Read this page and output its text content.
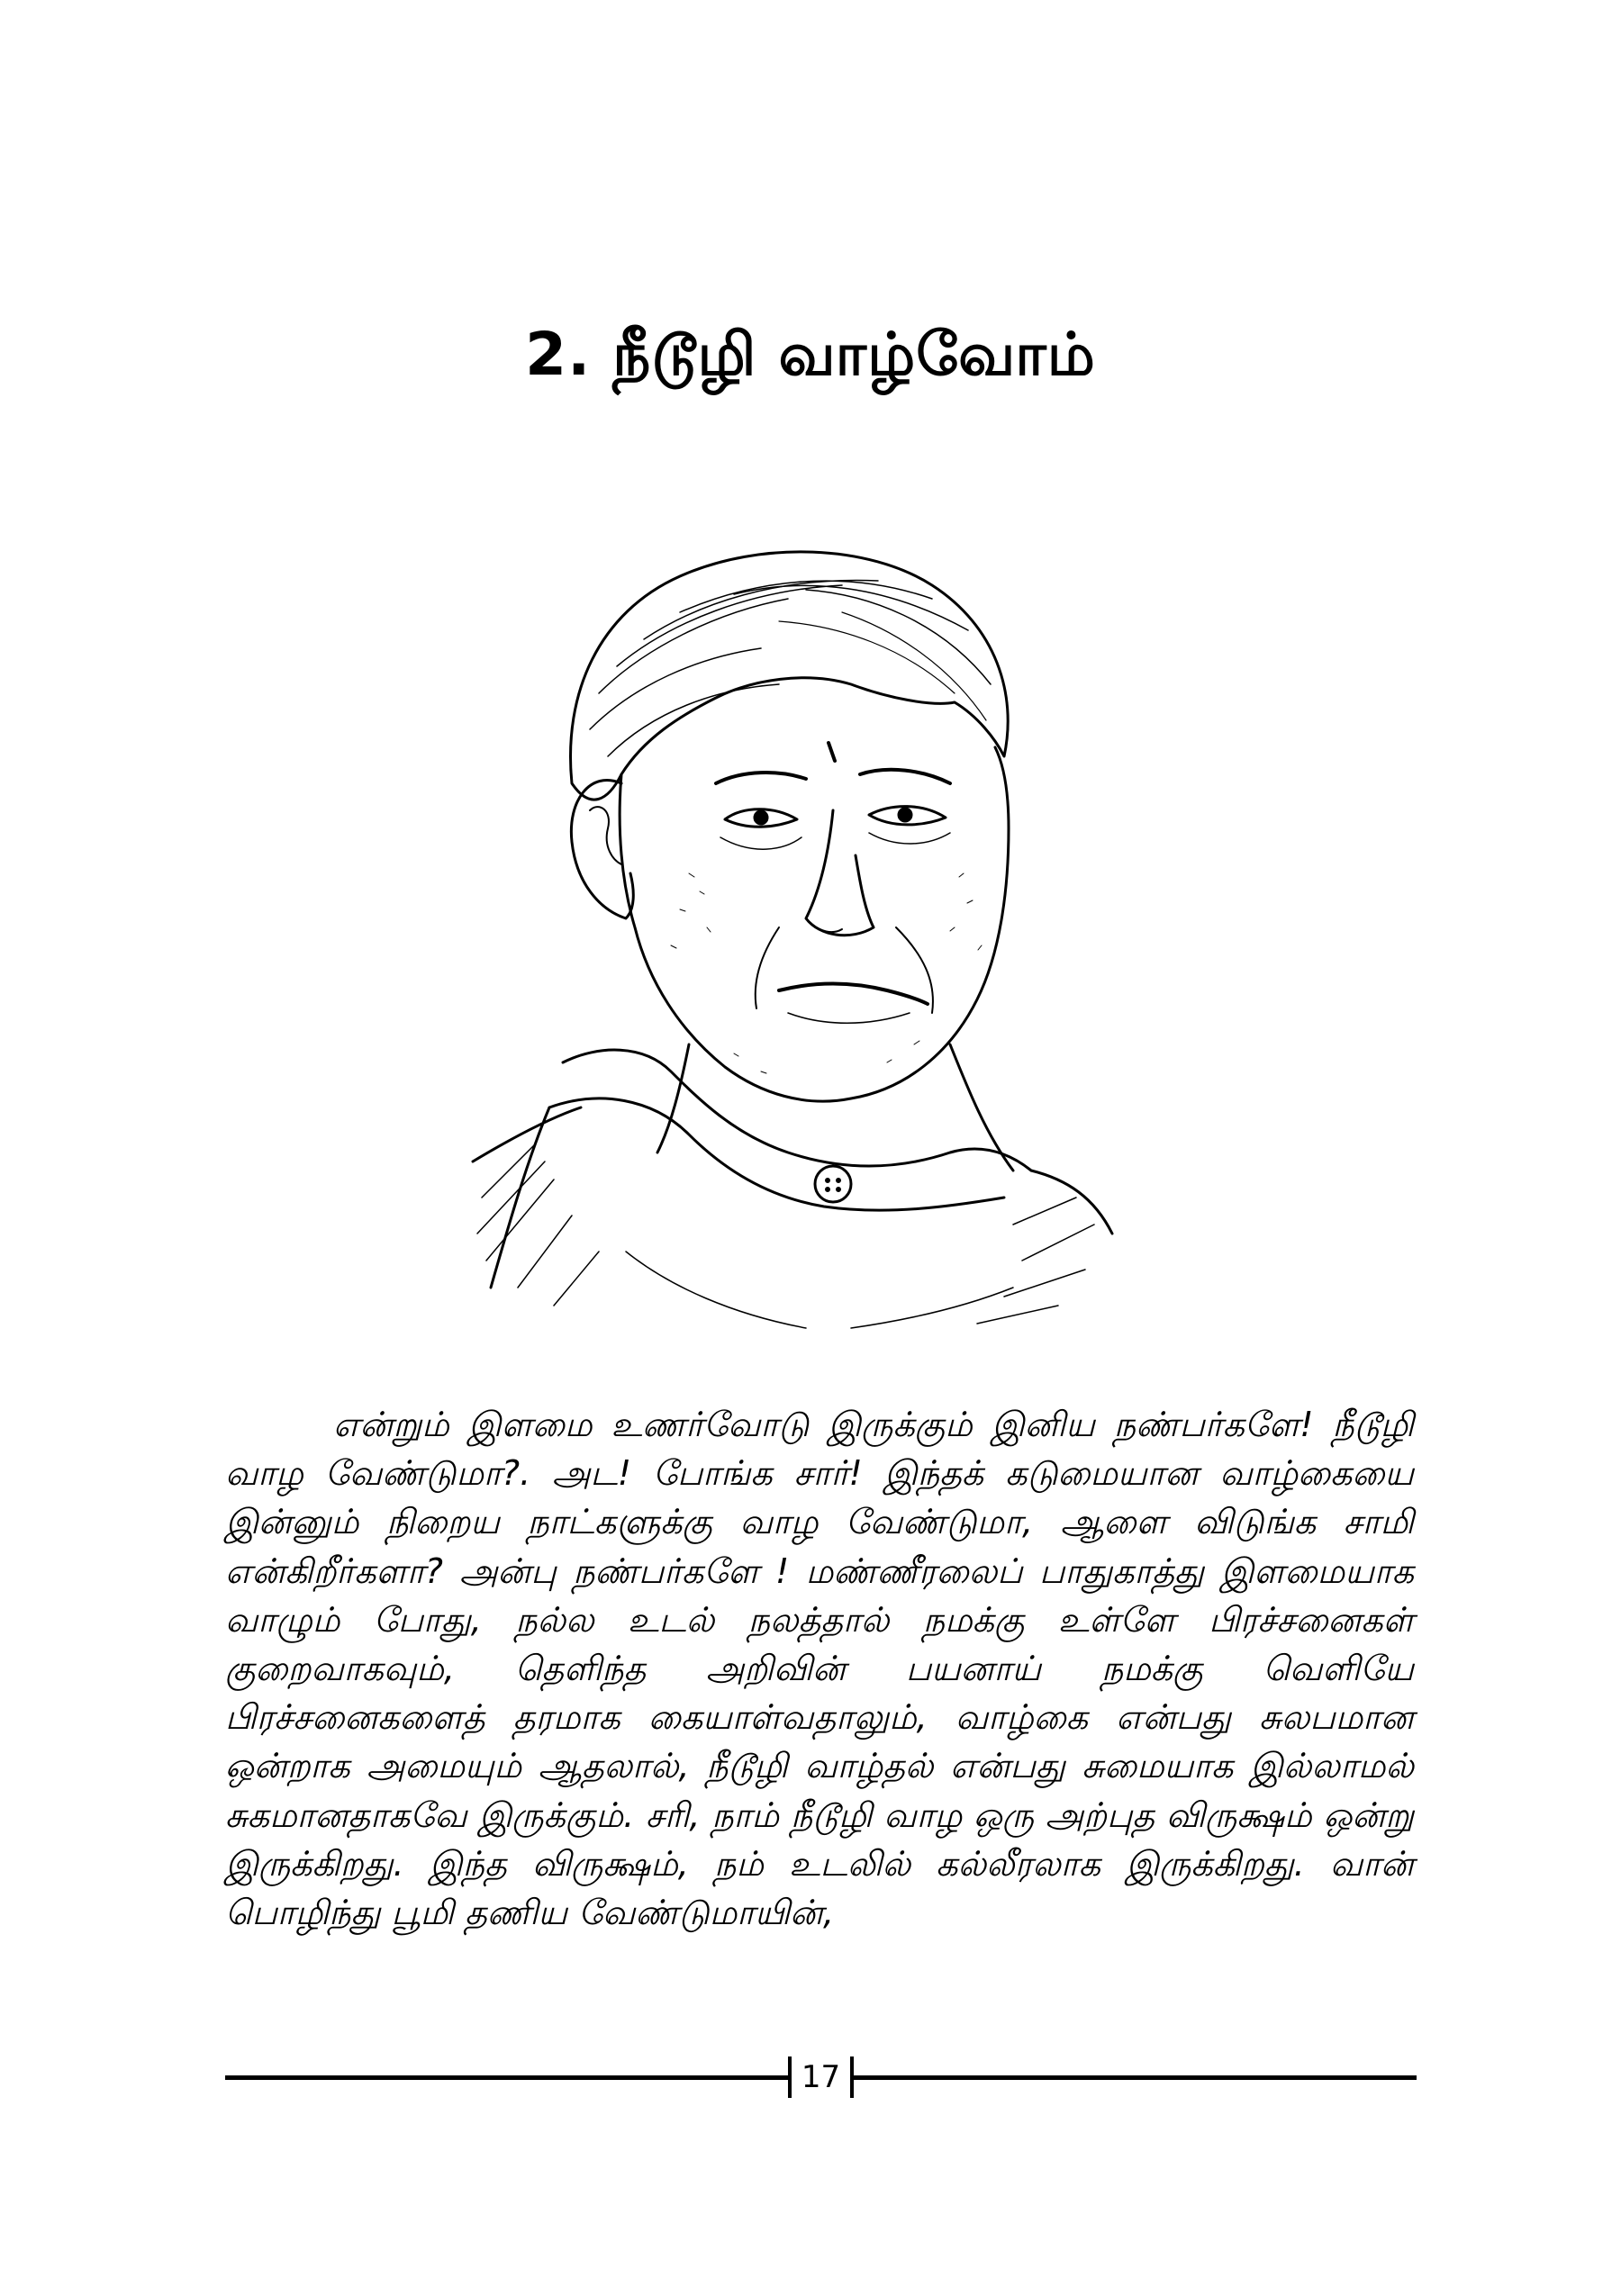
2. நீடூழி வாழ்வோம்

என்றும் இளமை உணர்வோடு இருக்கும் இனிய நண்பர்களே! நீடூழி வாழ வேண்டுமா?. அட! போங்க சார்! இந்தக் கடுமையான வாழ்கையை இன்னும் நிறைய நாட்களுக்கு வாழ வேண்டுமா, ஆளை விடுங்க சாமி என்கிறீர்களா? அன்பு நண்பர்களே ! மண்ணீரலைப் பாதுகாத்து இளமையாக வாழும் போது, நல்ல உடல் நலத்தால் நமக்கு உள்ளே பிரச்சனைகள் குறைவாகவும், தெளிந்த அறிவின் பயனாய் நமக்கு வெளியே பிரச்சனைகளைத் தரமாக கையாள்வதாலும், வாழ்கை என்பது சுலபமான ஒன்றாக அமையும் ஆதலால், நீடூழி வாழ்தல் என்பது சுமையாக இல்லாமல் சுகமானதாகவே இருக்கும். சரி, நாம் நீடூழி வாழ ஒரு அற்புத விருக்ஷம் ஒன்று இருக்கிறது. இந்த விருக்ஷம், நம் உடலில் கல்லீரலாக இருக்கிறது. வான் பொழிந்து பூமி தணிய வேண்டுமாயின்,

17
